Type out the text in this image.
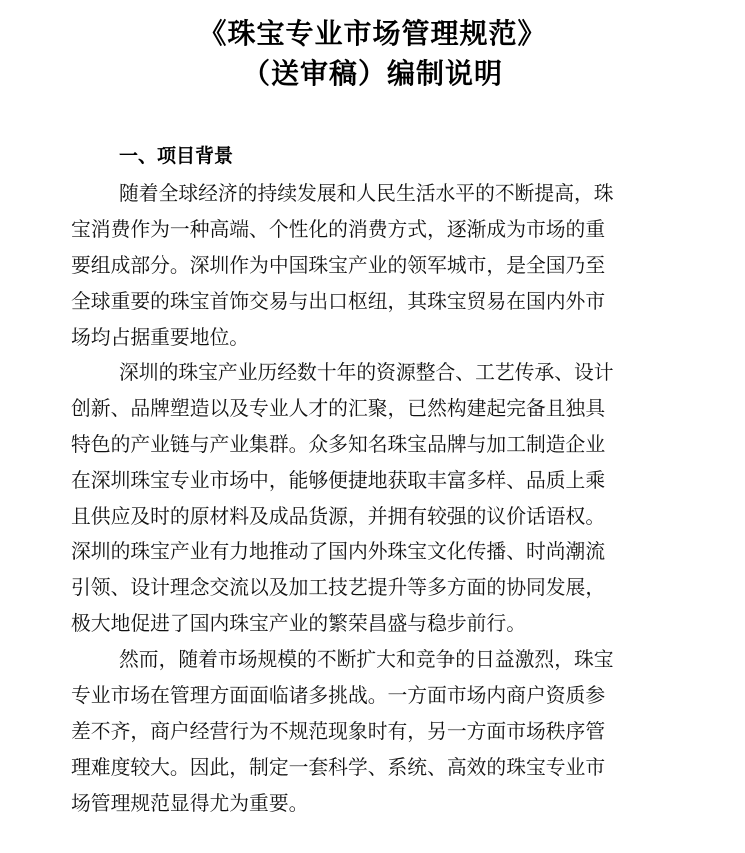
《珠宝专业市场管理规范》
（送审稿）编制说明
一、项目背景
随着全球经济的持续发展和人民生活水平的不断提高，珠
宝消费作为一种高端、个性化的消费方式，逐渐成为市场的重
要组成部分。深圳作为中国珠宝产业的领军城市，是全国乃至
全球重要的珠宝首饰交易与出口枢纽，其珠宝贸易在国内外市
场均占据重要地位。
深圳的珠宝产业历经数十年的资源整合、工艺传承、设计
创新、品牌塑造以及专业人才的汇聚，已然构建起完备且独具
特色的产业链与产业集群。众多知名珠宝品牌与加工制造企业
在深圳珠宝专业市场中，能够便捷地获取丰富多样、品质上乘
且供应及时的原材料及成品货源，并拥有较强的议价话语权。
深圳的珠宝产业有力地推动了国内外珠宝文化传播、时尚潮流
引领、设计理念交流以及加工技艺提升等多方面的协同发展，
极大地促进了国内珠宝产业的繁荣昌盛与稳步前行。
然而，随着市场规模的不断扩大和竞争的日益激烈，珠宝
专业市场在管理方面面临诸多挑战。一方面市场内商户资质参
差不齐，商户经营行为不规范现象时有，另一方面市场秩序管
理难度较大。因此，制定一套科学、系统、高效的珠宝专业市
场管理规范显得尤为重要。
